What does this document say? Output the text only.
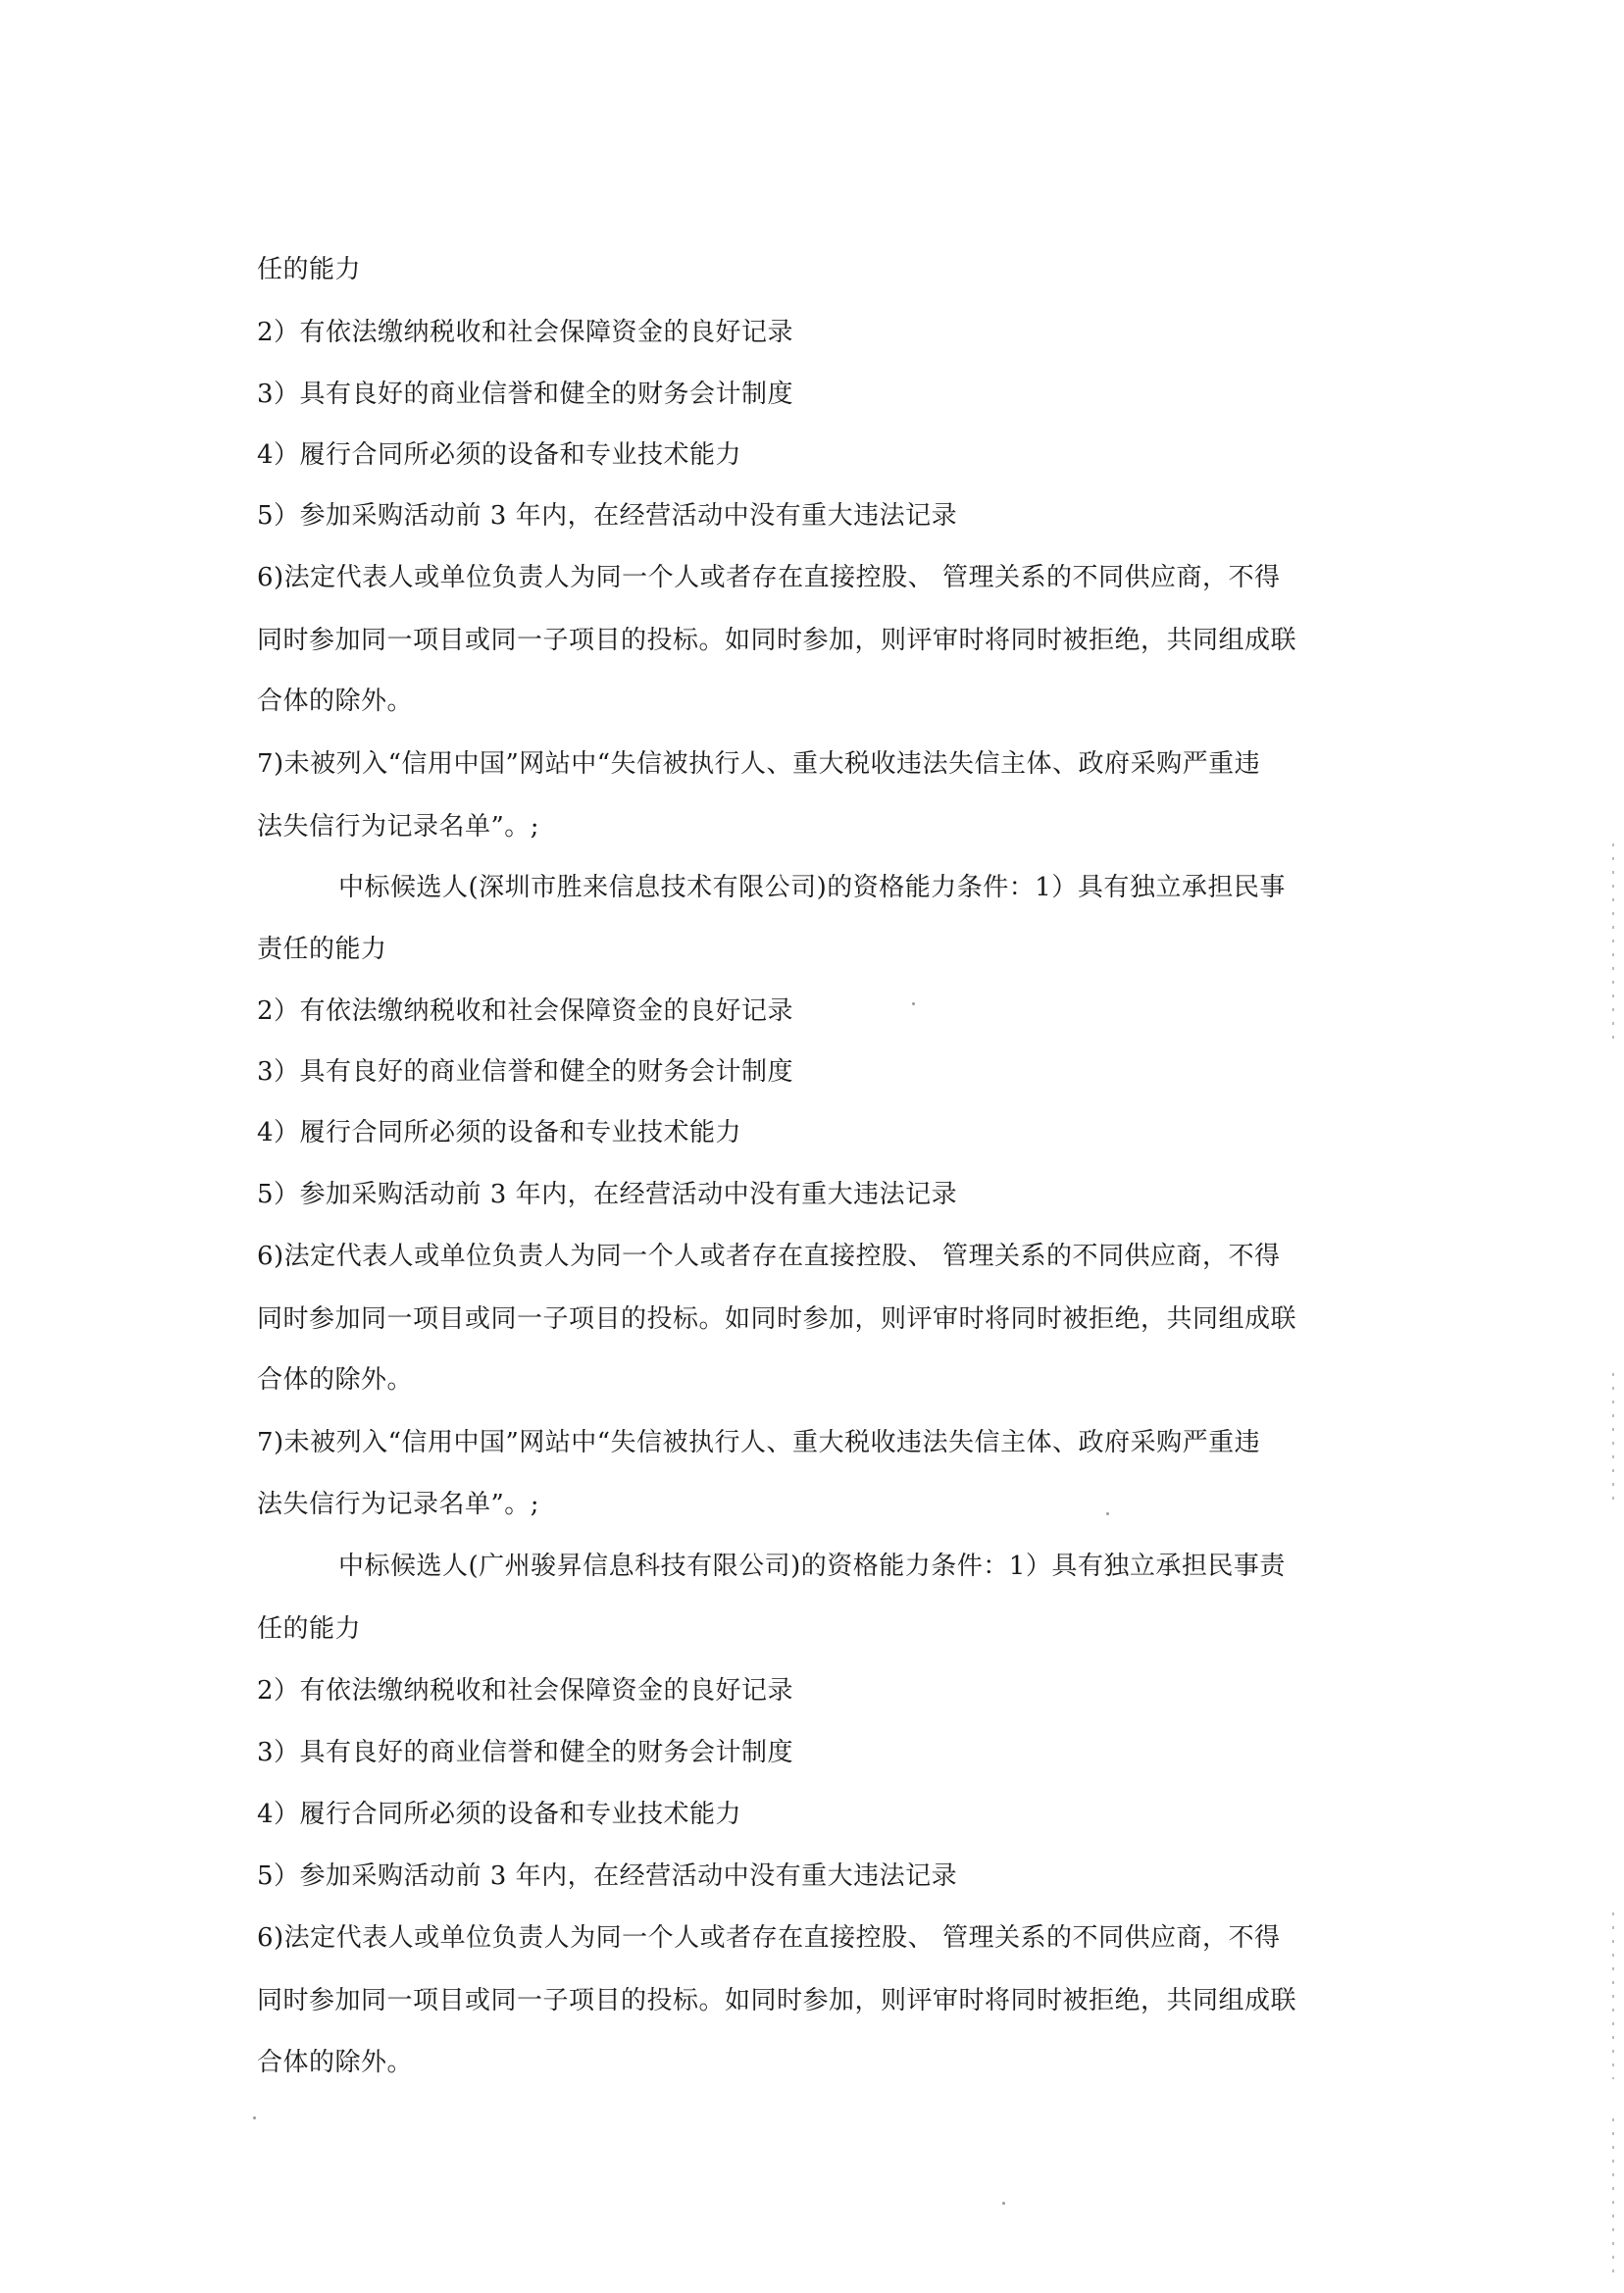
任的能力
2）有依法缴纳税收和社会保障资金的良好记录
3）具有良好的商业信誉和健全的财务会计制度
4）履行合同所必须的设备和专业技术能力
5）参加采购活动前 3 年内，在经营活动中没有重大违法记录
6)法定代表人或单位负责人为同一个人或者存在直接控股、 管理关系的不同供应商，不得
同时参加同一项目或同一子项目的投标。如同时参加，则评审时将同时被拒绝，共同组成联
合体的除外。
7)未被列入“信用中国”网站中“失信被执行人、重大税收违法失信主体、政府采购严重违
法失信行为记录名单”。;
中标候选人(深圳市胜来信息技术有限公司)的资格能力条件：1）具有独立承担民事
责任的能力
2）有依法缴纳税收和社会保障资金的良好记录
3）具有良好的商业信誉和健全的财务会计制度
4）履行合同所必须的设备和专业技术能力
5）参加采购活动前 3 年内，在经营活动中没有重大违法记录
6)法定代表人或单位负责人为同一个人或者存在直接控股、 管理关系的不同供应商，不得
同时参加同一项目或同一子项目的投标。如同时参加，则评审时将同时被拒绝，共同组成联
合体的除外。
7)未被列入“信用中国”网站中“失信被执行人、重大税收违法失信主体、政府采购严重违
法失信行为记录名单”。;
中标候选人(广州骏昇信息科技有限公司)的资格能力条件：1）具有独立承担民事责
任的能力
2）有依法缴纳税收和社会保障资金的良好记录
3）具有良好的商业信誉和健全的财务会计制度
4）履行合同所必须的设备和专业技术能力
5）参加采购活动前 3 年内，在经营活动中没有重大违法记录
6)法定代表人或单位负责人为同一个人或者存在直接控股、 管理关系的不同供应商，不得
同时参加同一项目或同一子项目的投标。如同时参加，则评审时将同时被拒绝，共同组成联
合体的除外。
